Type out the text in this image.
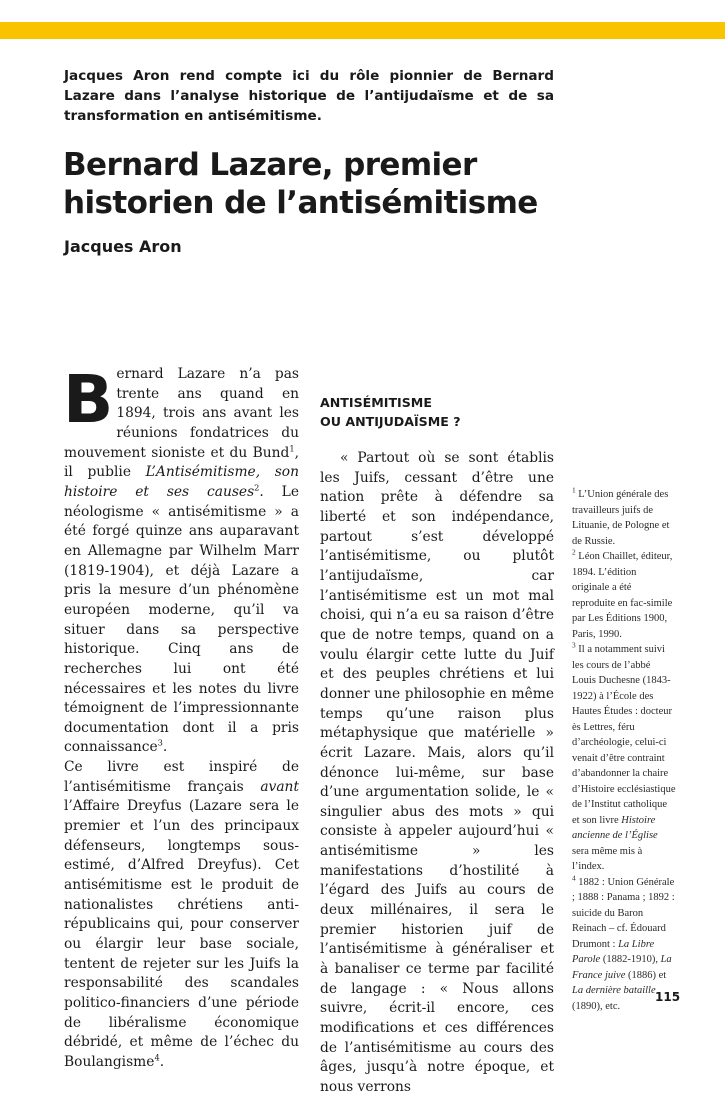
Jacques Aron rend compte ici du rôle pionnier de Bernard Lazare dans l’analyse historique de l’antijudaïsme et de sa transformation en antisémitisme.

Bernard Lazare, premier
historien de l’antisémitisme

Jacques Aron

Bernard Lazare n’a pas trente ans quand en 1894, trois ans avant les réunions fondatrices du mouvement sioniste et du Bund$^1$, il publie L’Antisémitisme, son histoire et ses causes$^2$. Le néologisme « antisémitisme » a été forgé quinze ans auparavant en Allemagne par Wilhelm Marr (1819-1904), et déjà Lazare a pris la mesure d’un phénomène européen moderne, qu’il va situer dans sa perspective historique. Cinq ans de recherches lui ont été nécessaires et les notes du livre témoignent de l’impressionnante documentation dont il a pris connaissance$^3$.

Ce livre est inspiré de l’antisémitisme français avant l’Affaire Dreyfus (Lazare sera le premier et l’un des principaux défenseurs, longtemps sous-estimé, d’Alfred Dreyfus). Cet antisémitisme est le produit de nationalistes chrétiens anti-républicains qui, pour conserver ou élargir leur base sociale, tentent de rejeter sur les Juifs la responsabilité des scandales politico-financiers d’une période de libéralisme économique débridé, et même de l’échec du Boulangisme$^4$.

ANTISÉMITISME
OU ANTIJUDAÏSME ?

« Partout où se sont établis les Juifs, cessant d’être une nation prête à défendre sa liberté et son indépendance, partout s’est développé l’antisémitisme, ou plutôt l’antijudaïsme, car l’antisémitisme est un mot mal choisi, qui n’a eu sa raison d’être que de notre temps, quand on a voulu élargir cette lutte du Juif et des peuples chrétiens et lui donner une philosophie en même temps qu’une raison plus métaphysique que matérielle » écrit Lazare. Mais, alors qu’il dénonce lui-même, sur base d’une argumentation solide, le « singulier abus des mots » qui consiste à appeler aujourd’hui « antisémitisme » les manifestations d’hostilité à l’égard des Juifs au cours de deux millénaires, il sera le premier historien juif de l’antisémitisme à généraliser et à banaliser ce terme par facilité de langage : « Nous allons suivre, écrit-il encore, ces modifications et ces différences de l’antisémitisme au cours des âges, jusqu’à notre époque, et nous verrons

$^1$ L’Union générale des travailleurs juifs de Lituanie, de Pologne et de Russie.

$^2$ Léon Chaillet, éditeur, 1894. L’édition originale a été reproduite en fac-simile par Les Éditions 1900, Paris, 1990.

$^3$ Il a notamment suivi les cours de l’abbé Louis Duchesne (1843-1922) à l’École des Hautes Études : docteur ès Lettres, féru d’archéologie, celui-ci venait d’être contraint d’abandonner la chaire d’Histoire ecclésiastique de l’Institut catholique et son livre Histoire ancienne de l’Église sera même mis à l’index.

$^4$ 1882 : Union Générale ; 1888 : Panama ; 1892 : suicide du Baron Reinach – cf. Édouard Drumont : La Libre Parole (1882-1910), La France juive (1886) et La dernière bataille (1890), etc.

115
